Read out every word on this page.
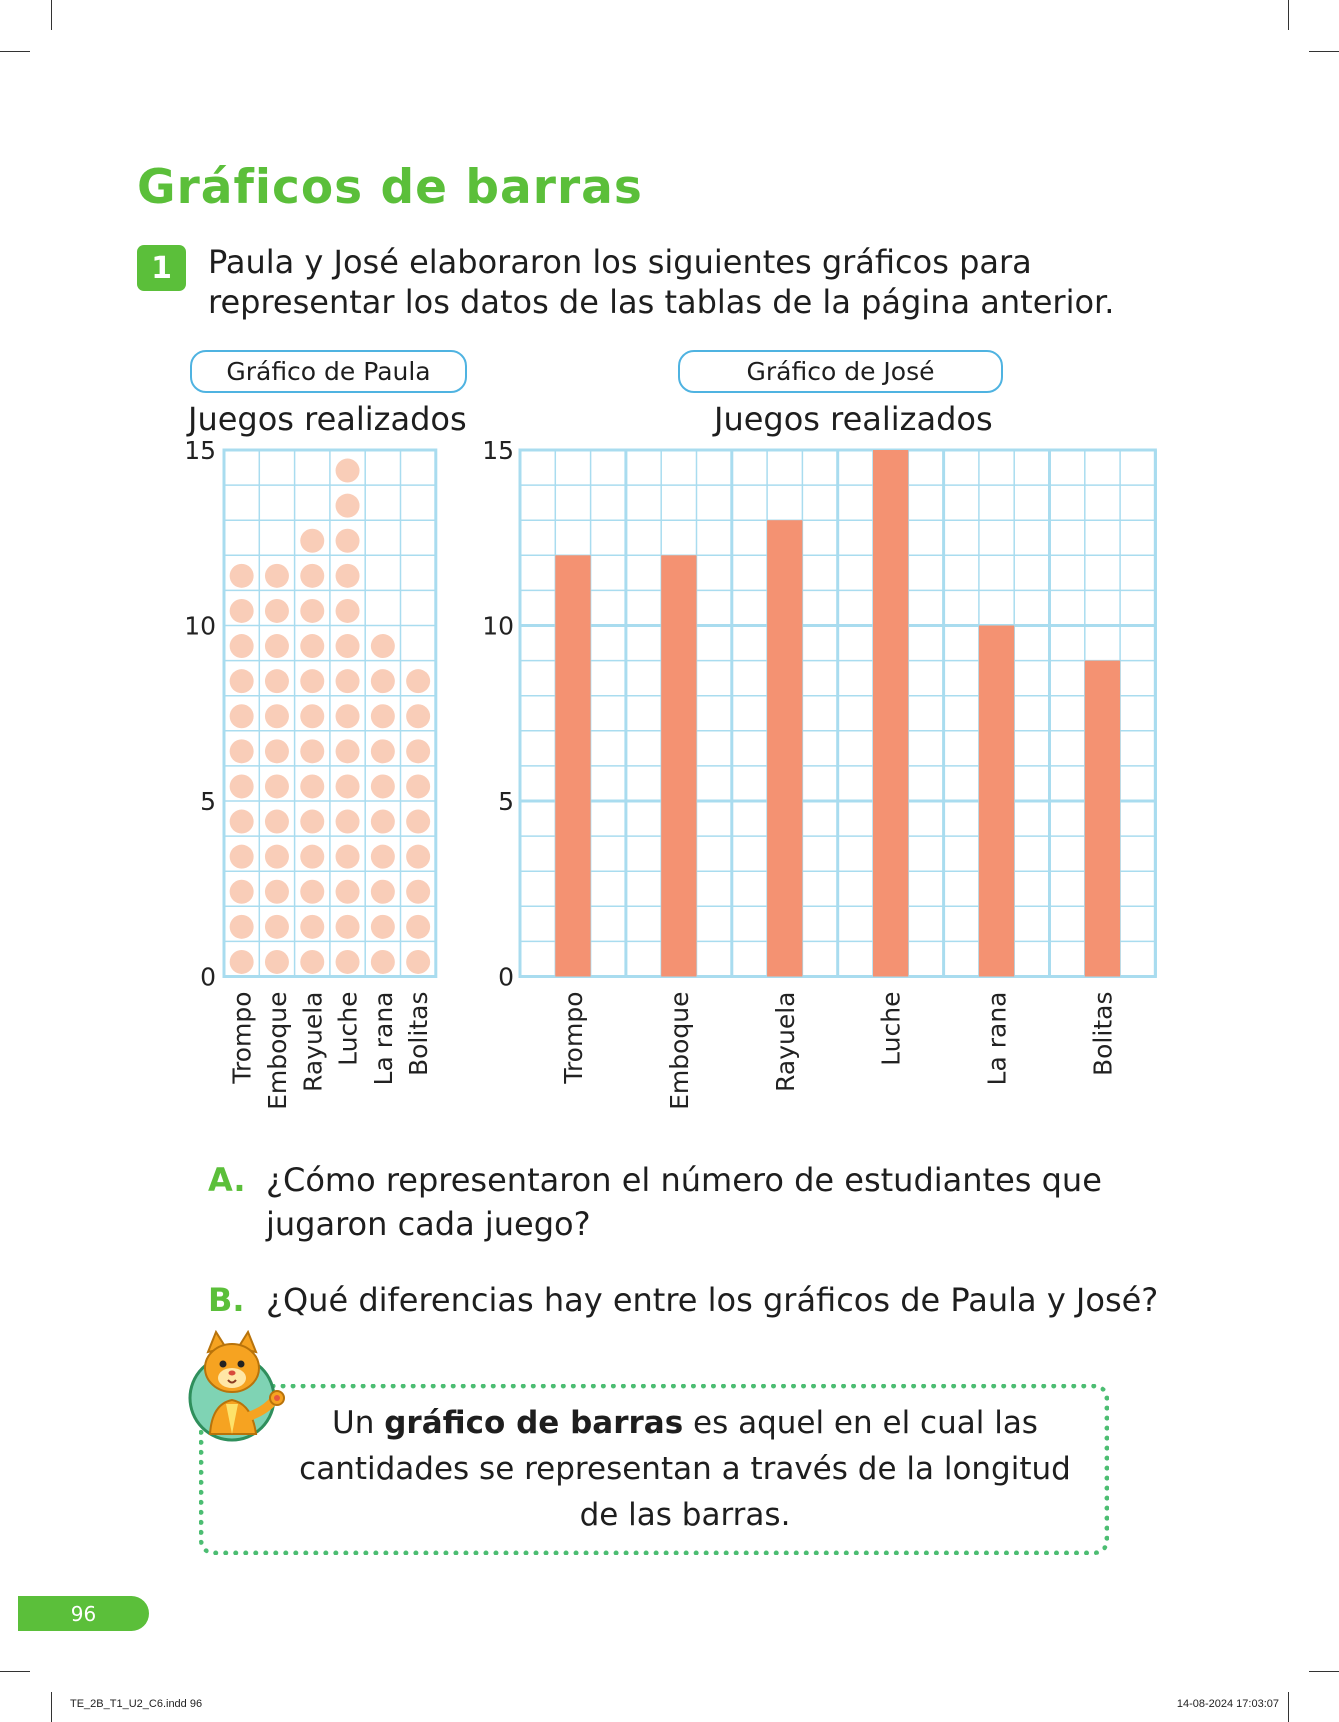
Gráficos de barras
1	Paula y José elaboraron los siguientes gráficos para representar los datos de las tablas de la página anterior.

Gráfico de Paula	Gráfico de José
Juegos realizados	Juegos realizados
0
5
10
15
Trompo Emboque Rayuela Luche La rana Bolitas
0
5
10
15
Trompo	Emboque	Rayuela	Luche	La rana	Bolitas
A. ¿Cómo representaron el número de estudiantes que jugaron cada juego?
B. ¿Qué diferencias hay entre los gráficos de Paula y José?
Un gráfico de barras es aquel en el cual las cantidades se representan a través de la longitud de las barras.
96
TE_2B_T1_U2_C6.indd 96	14-08-2024 17:03:07
